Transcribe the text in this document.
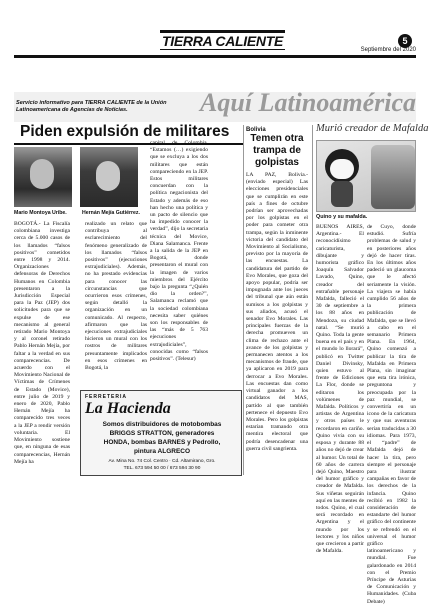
TIERRA CALIENTE	5
Septiembre del 2020
Servicio informativo para TIERRA CALIENTE de la Unión Latinoamericana de Agencias de Noticias.	Aquí Latinoamérica
Piden expulsión de militares
Mario Montoya Uribe.	Hernán Mejía Gutiérrez.
BOGOTÁ.- La Fiscalía colombiana investiga cerca de 5.000 casos de los llamados “falsos positivos” cometidos entre 1998 y 2014. Organizaciones defensoras de Derechos Humanos en Colombia presentaron a la Jurisdicción Especial para la Paz (JEP) dos solicitudes para que se expulse de ese mecanismo al general retirado Mario Montoya y al coronel retirado Pablo Hernán Mejía, por faltar a la verdad en sus comparecencias. De acuerdo con el Movimiento Nacional de Víctimas de Crímenes de Estado (Movice), entre julio de 2019 y enero de 2020, Pablo Hernán Mejía ha comparecido tres veces a la JEP a rendir versión voluntaria. El Movimiento sostiene que, en ninguna de esas comparecencias, Hernán Mejía ha
realizado un relato que contribuya al esclarecimiento del fenómeno generalizado de los llamados “falsos positivos” (ejecuciones extrajudiciales). Además, no ha prestado evidencias para conocer las circunstancias que ocurrieron esos crímenes, según detalló la organización en un comunicado. Al respecto, afirmaron que las ejecuciones extrajudiciales hicieron un mural con los rostros de militares presuntamente implicados en esos crímenes en Bogotá, la
capital de Colombia. “Estamos (…) exigiendo que se excluya a los dos militares que están compareciendo en la JEP. Estos militares concuerdan con la política negacionista del Estado y además de eso han hecho una política y un pacto de silencio que ha impedido conocer la verdad”, dijo la secretaria técnica del Movice, Diana Salamanca. Frente a la salida de la JEP en Bogotá, donde presentaron el mural con la imagen de varios miembros del Ejército bajo la pregunta “¿Quién dio la orden?”, Salamanca reclamó que la sociedad colombiana necesita saber quiénes son los responsables de las “más de 5 763 ejecuciones extrajudiciales”, conocidas como “falsos positivos”. (Telesur)
Bolivia
Temen otra trampa de golpistas
LA PAZ, Bolivia.- (enviado especial) Las elecciones presidenciales que se cumplirán en este país a fines de octubre podrían ser aprovechadas por los golpistas en el poder para cometer otra trampa, según la inminente victoria del candidato del Movimiento al Socialismo, previsto por la mayoría de las encuestas. La candidatura del partido de Evo Morales, que goza del apoyo popular, podría ser impugnada ante los jueces del tribunal que aún están sumisos a los golpistas y sus aliados, acusó el senador Evo Morales. Las principales fuerzas de la derecha promueven un clima de rechazo ante el avance de los golpistas y permanecen atentos a los mecanismos de fraude, que ya aplicaron en 2019 para derrocar a Evo Morales. Las encuestas dan como virtual ganador a los candidatos del MAS, partido al que también pertenece el depuesto Evo Morales. Pero los golpistas estarían tramando otra mentira electoral que podría desencadenar una guerra civil sangrienta.
Murió creador de Mafalda
Quino y su mafalda.
BUENOS AIRES, Argentina.- El reconocidísimo caricaturista, dibujante y humorista gráfico Joaquín Salvador Lavado, Quino, creador del entrañable personaje Mafalda, falleció el 30 de septiembre a los 88 años en Mendoza, su ciudad natal. “Se murió Quino. Toda la gente buena en el país y en el mundo lo llorará”, publicó en Twitter Daniel Divinsky, quien estuvo al frente de Ediciones La Flor, donde se editaron los volúmenes de Mafalda. Políticos y artistas de Argentina y otros países le recordaron en cariño. Quino vivía con su esposa y durante 88 años no dejó de crear al humor. Un total de 60 años de carrera dejó Quino, Maestro del humor gráfico y creador de Mafalda. Sus viñetas seguirán aquí en las mentes de todos. Quino, el cual será recordado en Argentina y el mundo por los lectores y los niños que crecieron a partir de Mafalda.
de Cuyo, donde estudió. Sufría problemas de salud y en posteriores años dejó de hacer tiras. En los últimos años padeció un glaucoma que le afectó seriamente la visión. La viajera se había cumplido 56 años de la primera publicación de Mafalda, que se llevó a cabo en el semanario Primera Plana. En 1964, Quino comenzó a publicar la tira de Mafalda en Primera Plana, sin imaginar que esta tira irónica, preguntona y preocupada por la paz mundial, se convertiría en un icono de la caricatura y que sus aventuras serían traducidas a 30 idiomas. Para 1973, el “padre” de Mafalda dejó de hacer la tira, pero siempre el personaje para ilustrar campañas en favor de los derechos de la infancia. Quino recibió en 1982 la consideración de estandarte del humor gráfico del continente y se refrendó en el universal el humor gráfico latinoamericano y mundial. Fue galardonado en 2014 con el Premio Príncipe de Asturias de Comunicación y Humanidades. (Cuba Debate)
FERRETERIA
La Hacienda
Somos distribuidores de motobombas
BRIGGS STRATTON, generadores
HONDA, bombas BARNES y Pedrollo,
pintura ALGRECO
Av. Mina No. 74 Col. Centro · Cd. Altamirano, Gro.
TEL. 673 594 50 00 / 673 594 30 90
